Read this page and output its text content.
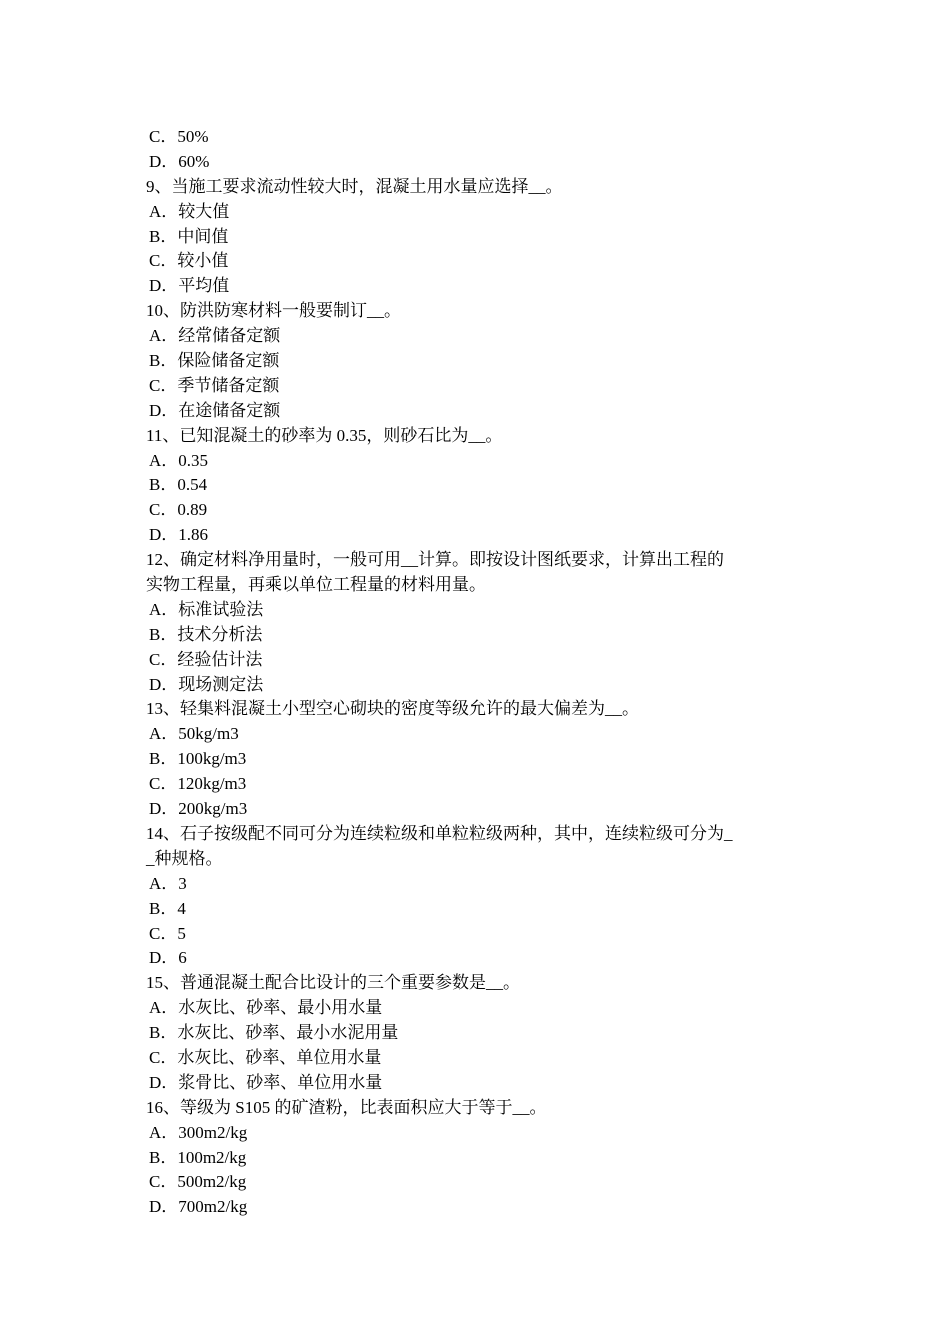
C．50%
D．60%
9、当施工要求流动性较大时，混凝土用水量应选择__。
A．较大值
B．中间值
C．较小值
D．平均值
10、防洪防寒材料一般要制订__。
A．经常储备定额
B．保险储备定额
C．季节储备定额
D．在途储备定额
11、已知混凝土的砂率为 0.35，则砂石比为__。
A．0.35
B．0.54
C．0.89
D．1.86
12、确定材料净用量时，一般可用__计算。即按设计图纸要求，计算出工程的
实物工程量，再乘以单位工程量的材料用量。
A．标准试验法
B．技术分析法
C．经验估计法
D．现场测定法
13、轻集料混凝土小型空心砌块的密度等级允许的最大偏差为__。
A．50kg/m3
B．100kg/m3
C．120kg/m3
D．200kg/m3
14、石子按级配不同可分为连续粒级和单粒粒级两种，其中，连续粒级可分为_
_种规格。
A．3
B．4
C．5
D．6
15、普通混凝土配合比设计的三个重要参数是__。
A．水灰比、砂率、最小用水量
B．水灰比、砂率、最小水泥用量
C．水灰比、砂率、单位用水量
D．浆骨比、砂率、单位用水量
16、等级为 S105 的矿渣粉，比表面积应大于等于__。
A．300m2/kg
B．100m2/kg
C．500m2/kg
D．700m2/kg
